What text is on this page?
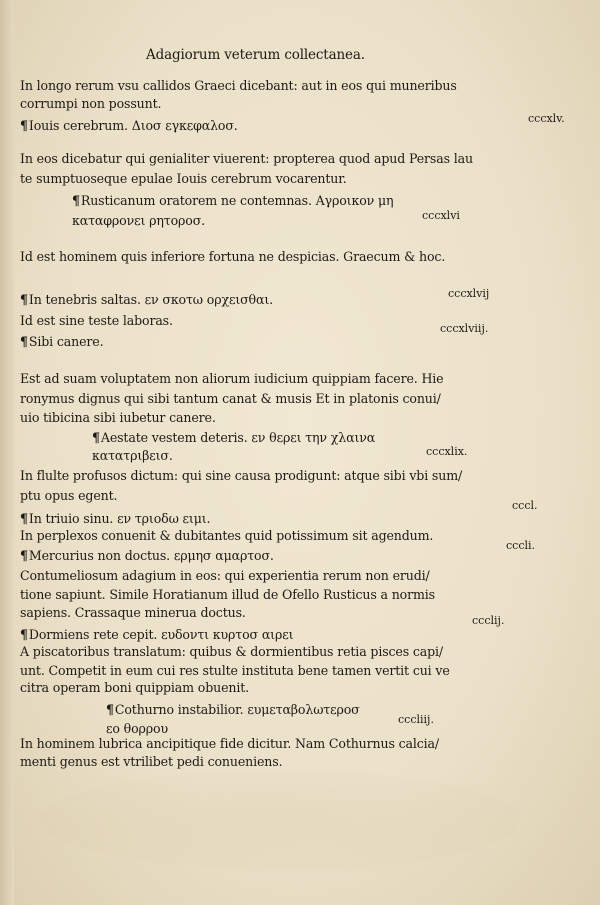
Adagiorum veterum collectanea.
In longo rerum vsu callidos Graeci dicebant: aut in eos qui muneribus
corrumpi non possunt.
¶Iouis cerebrum. Διοσ εγκεφαλοσ.	cccxlv.
In eos dicebatur qui genialiter viuerent: propterea quod apud Persas lau
te sumptuoseque epulae Iouis cerebrum vocarentur.
¶Rusticanum oratorem ne contemnas. Αγροικον μη
καταφρονει ρητοροσ.	cccxlvi
Id est hominem quis inferiore fortuna ne despicias. Graecum & hoc.
¶In tenebris saltas. εν σκοτω ορχεισθαι.	cccxlvij
Id est sine teste laboras.
¶Sibi canere.
cccxlviij.
Est ad suam voluptatem non aliorum iudicium quippiam facere. Hie
ronymus dignus qui sibi tantum canat & musis Et in platonis conui/
uio tibicina sibi iubetur canere.
¶Aestate vestem deteris. εν θερει την χλαινα
κατατριβεισ.	cccxlix.
In flulte profusos dictum: qui sine causa prodigunt: atque sibi vbi sum/
ptu opus egent.
¶In triuio sinu. εν τριοδω ειμι.
cccl.
In perplexos conuenit & dubitantes quid potissimum sit agendum.
¶Mercurius non doctus. ερμησ αμαρτοσ.
cccli.
Contumeliosum adagium in eos: qui experientia rerum non erudi/
tione sapiunt. Simile Horatianum illud de Ofello Rusticus a normis
sapiens. Crassaque minerua doctus.
¶Dormiens rete cepit. ευδοντι κυρτοσ αιρει
ccclij.
A piscatoribus translatum: quibus & dormientibus retia pisces capi/
unt. Competit in eum cui res stulte instituta bene tamen vertit cui ve
citra operam boni quippiam obuenit.
¶Cothurno instabilior. ευμεταβολωτεροσ
εο θορρου
cccliij.
In hominem lubrica ancipitique fide dicitur. Nam Cothurnus calcia/
menti genus est vtrilibet pedi conueniens.
